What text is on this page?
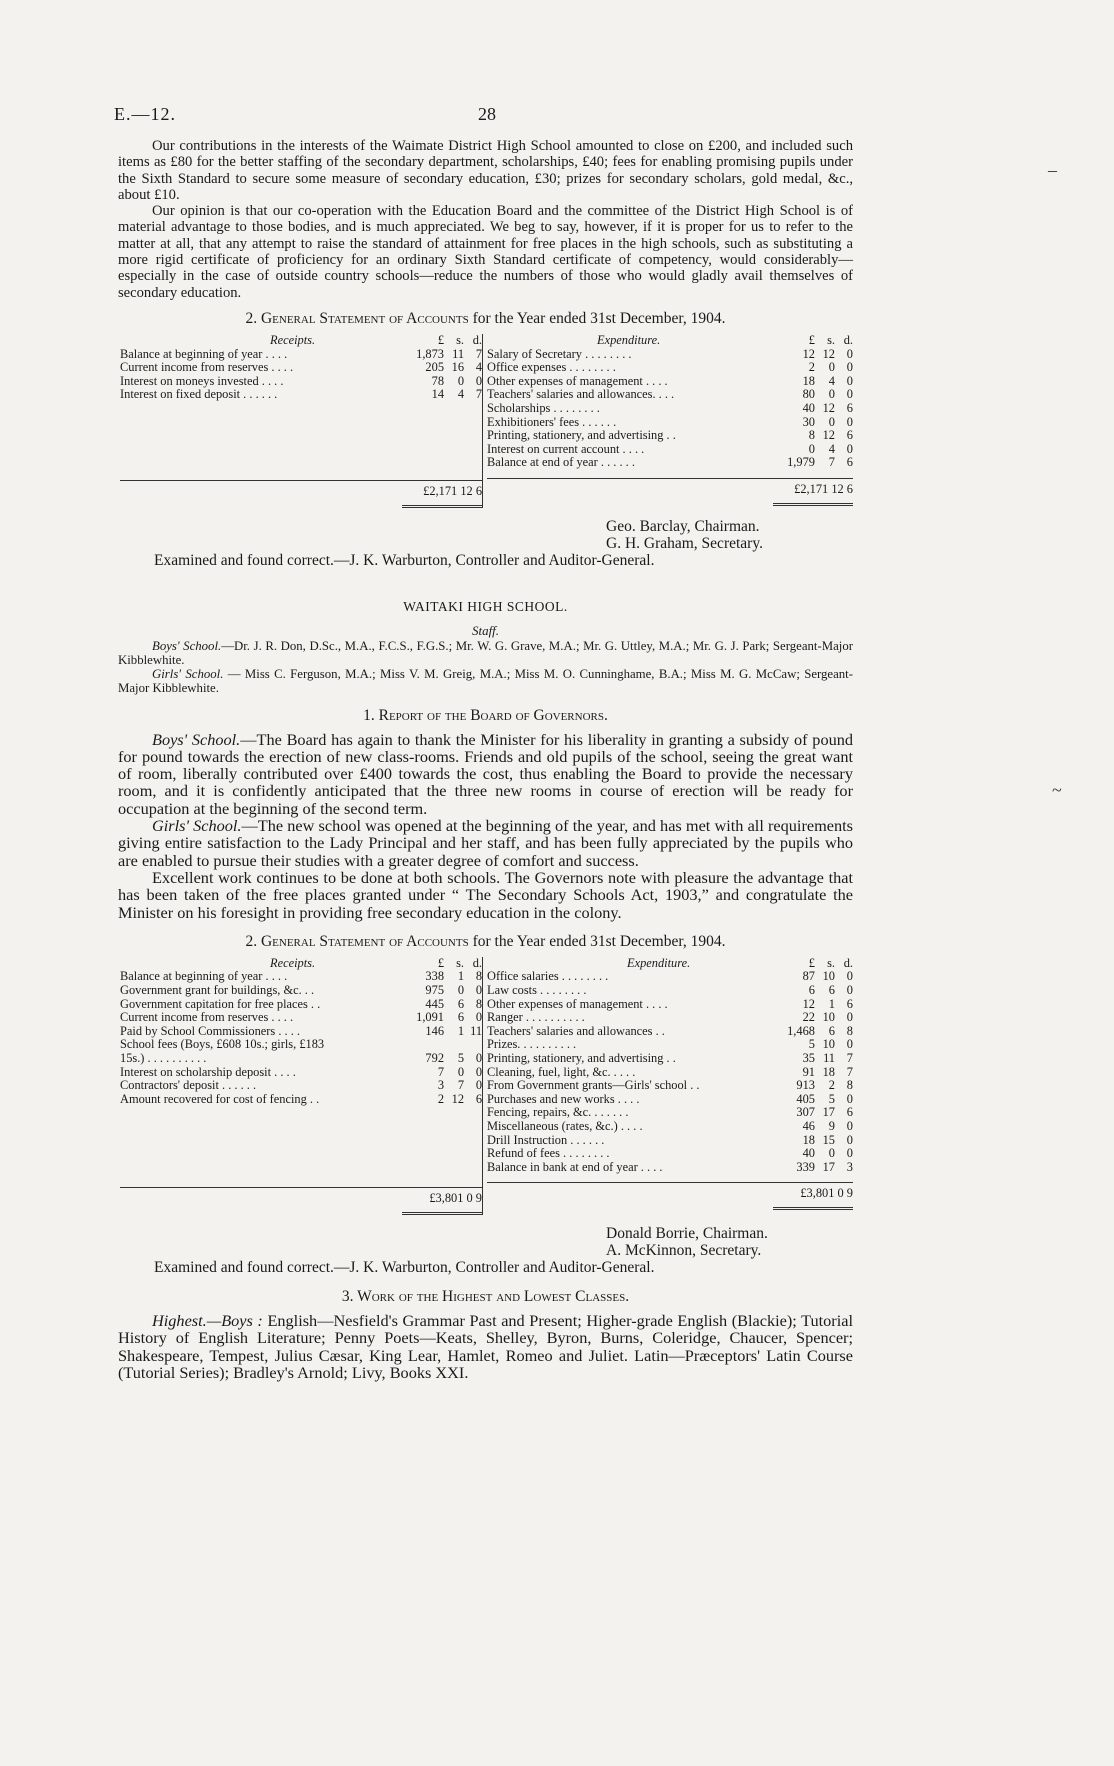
E.—12.	28

Our contributions in the interests of the Waimate District High School amounted to close on £200, and included such items as £80 for the better staffing of the secondary department, scholarships, £40; fees for enabling promising pupils under the Sixth Standard to secure some measure of secondary education, £30; prizes for secondary scholars, gold medal, &c., about £10.

Our opinion is that our co-operation with the Education Board and the committee of the District High School is of material advantage to those bodies, and is much appreciated. We beg to say, however, if it is proper for us to refer to the matter at all, that any attempt to raise the standard of attainment for free places in the high schools, such as substituting a more rigid certificate of proficiency for an ordinary Sixth Standard certificate of competency, would considerably—especially in the case of outside country schools—reduce the numbers of those who would gladly avail themselves of secondary education.

2. General Statement of Accounts for the Year ended 31st December, 1904.
Receipts.	£ s. d.
Balance at beginning of year . . . .	1,873 11 7
Current income from reserves . . . .	205 16 4
Interest on moneys invested . . . .	78	0 0
Interest on fixed deposit . . . . . .	14	4 7
£2,171 12 6
Expenditure.	£ s. d.
Salary of Secretary . . . . . . . .	12 12 0
Office expenses . . . . . . . .	2	0 0
Other expenses of management . . . .	18	4 0
Teachers' salaries and allowances. . . .	80	0 0
Scholarships . . . . . . . .	40 12 6
Exhibitioners' fees . . . . . .	30	0 0
Printing, stationery, and advertising . .	8 12 6
Interest on current account . . . .	0	4 0
Balance at end of year . . . . . .	1,979	7 6
£2,171 12 6
Geo. Barclay, Chairman.
G. H. Graham, Secretary.
Examined and found correct.—J. K. Warburton, Controller and Auditor-General.
WAITAKI HIGH SCHOOL.
Staff.

Boys' School.—Dr. J. R. Don, D.Sc., M.A., F.C.S., F.G.S.; Mr. W. G. Grave, M.A.; Mr. G. Uttley, M.A.; Mr. G. J. Park; Sergeant-Major Kibblewhite.

Girls' School. — Miss C. Ferguson, M.A.; Miss V. M. Greig, M.A.; Miss M. O. Cunninghame, B.A.; Miss M. G. McCaw; Sergeant-Major Kibblewhite.

1. Report of the Board of Governors.

Boys' School.—The Board has again to thank the Minister for his liberality in granting a subsidy of pound for pound towards the erection of new class-rooms. Friends and old pupils of the school, seeing the great want of room, liberally contributed over £400 towards the cost, thus enabling the Board to provide the necessary room, and it is confidently anticipated that the three new rooms in course of erection will be ready for occupation at the beginning of the second term.

Girls' School.—The new school was opened at the beginning of the year, and has met with all requirements giving entire satisfaction to the Lady Principal and her staff, and has been fully appreciated by the pupils who are enabled to pursue their studies with a greater degree of comfort and success.

Excellent work continues to be done at both schools. The Governors note with pleasure the advantage that has been taken of the free places granted under “ The Secondary Schools Act, 1903,” and congratulate the Minister on his foresight in providing free secondary education in the colony.

2. General Statement of Accounts for the Year ended 31st December, 1904.
Receipts.	£ s. d.
Balance at beginning of year . . . .	338	1 8
Government grant for buildings, &c. . .	975	0 0
Government capitation for free places . .	445	6 8
Current income from reserves . . . .	1,091	6 0
Paid by School Commissioners . . . .	146	1 11
School fees (Boys, £608 10s.; girls, £183
15s.) . . . . . . . . . .	792	5 0
Interest on scholarship deposit . . . .	7	0 0
Contractors' deposit . . . . . .	3	7 0
Amount recovered for cost of fencing . .	2 12 6
£3,801 0 9
Expenditure.	£ s. d.
Office salaries . . . . . . . .	87 10 0
Law costs . . . . . . . .	6	6 0
Other expenses of management . . . .	12	1 6
Ranger . . . . . . . . . .	22 10 0
Teachers' salaries and allowances . .	1,468	6 8
Prizes. . . . . . . . . .	5 10 0
Printing, stationery, and advertising . .	35 11 7
Cleaning, fuel, light, &c. . . . .	91 18 7
From Government grants—Girls' school . .	913	2 8
Purchases and new works . . . .	405	5 0
Fencing, repairs, &c. . . . . . .	307 17 6
Miscellaneous (rates, &c.) . . . .	46	9 0
Drill Instruction . . . . . .	18 15 0
Refund of fees . . . . . . . .	40	0 0
Balance in bank at end of year . . . .	339 17 3
£3,801 0 9
Donald Borrie, Chairman.
A. McKinnon, Secretary.
Examined and found correct.—J. K. Warburton, Controller and Auditor-General.
3. Work of the Highest and Lowest Classes.

Highest.—Boys : English—Nesfield's Grammar Past and Present; Higher-grade English (Blackie); Tutorial History of English Literature; Penny Poets—Keats, Shelley, Byron, Burns, Coleridge, Chaucer, Spencer; Shakespeare, Tempest, Julius Cæsar, King Lear, Hamlet, Romeo and Juliet. Latin—Præceptors' Latin Course (Tutorial Series); Bradley's Arnold; Livy, Books XXI.

–
~
